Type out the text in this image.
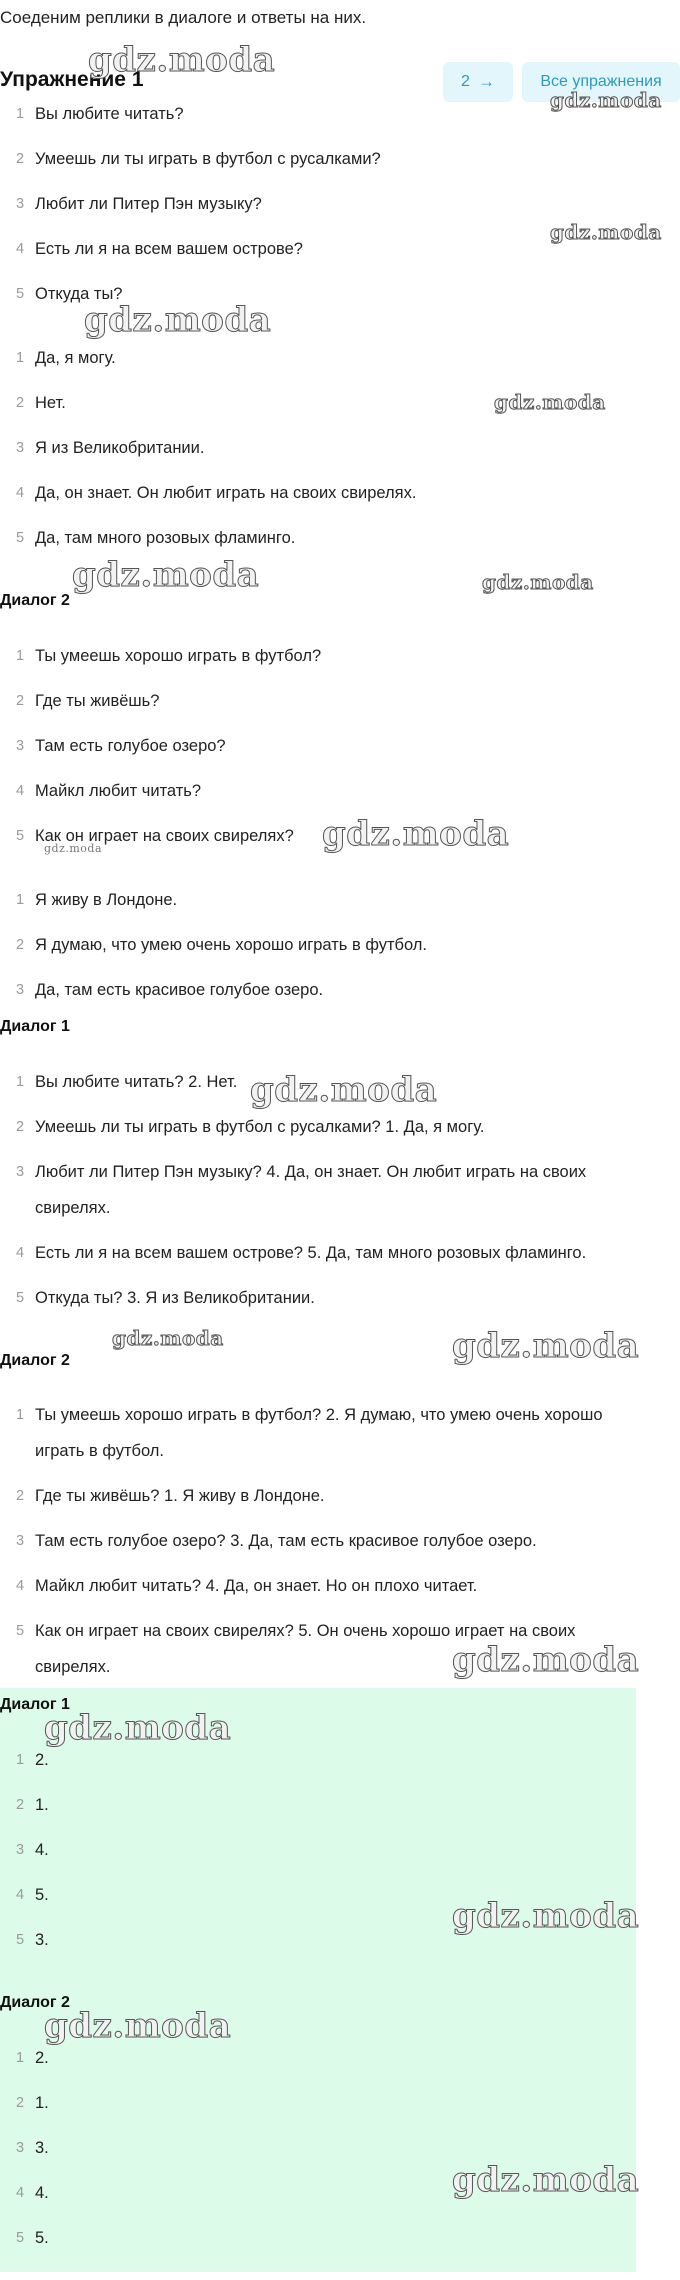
Соеденим реплики в диалоге и ответы на них.
Упражнение 1	2 →	Все упражнения
1 Вы любите читать?
2 Умеешь ли ты играть в футбол с русалками?
3 Любит ли Питер Пэн музыку?
4 Есть ли я на всем вашем острове?
5 Откуда ты?
1 Да, я могу.
2 Нет.
3 Я из Великобритании.
4 Да, он знает. Он любит играть на своих свирелях.
5 Да, там много розовых фламинго.
Диалог 2
1 Ты умеешь хорошо играть в футбол?
2 Где ты живёшь?
3 Там есть голубое озеро?
4 Майкл любит читать?
5 Как он играет на своих свирелях?
1 Я живу в Лондоне.
2 Я думаю, что умею очень хорошо играть в футбол.
3 Да, там есть красивое голубое озеро.
Диалог 1
1 Вы любите читать? 2. Нет.
2 Умеешь ли ты играть в футбол с русалками? 1. Да, я могу.
3 Любит ли Питер Пэн музыку? 4. Да, он знает. Он любит играть на своих свирелях.
4 Есть ли я на всем вашем острове? 5. Да, там много розовых фламинго.
5 Откуда ты? 3. Я из Великобритании.
Диалог 2
1 Ты умеешь хорошо играть в футбол? 2. Я думаю, что умею очень хорошо играть в футбол.
2 Где ты живёшь? 1. Я живу в Лондоне.
3 Там есть голубое озеро? 3. Да, там есть красивое голубое озеро.
4 Майкл любит читать? 4. Да, он знает. Но он плохо читает.
5 Как он играет на своих свирелях? 5. Он очень хорошо играет на своих свирелях.
Диалог 1
1 2.
2 1.
3 4.
4 5.
5 3.
Диалог 2
1 2.
2 1.
3 3.
4 4.
5 5.
gdz.moda
gdz.moda
gdz.moda
gdz.moda
gdz.moda
gdz.moda	gdz.moda
gdz.moda
gdz.moda
gdz.moda
gdz.moda	gdz.moda
gdz.moda
gdz.moda
gdz.moda
gdz.moda
gdz.moda
